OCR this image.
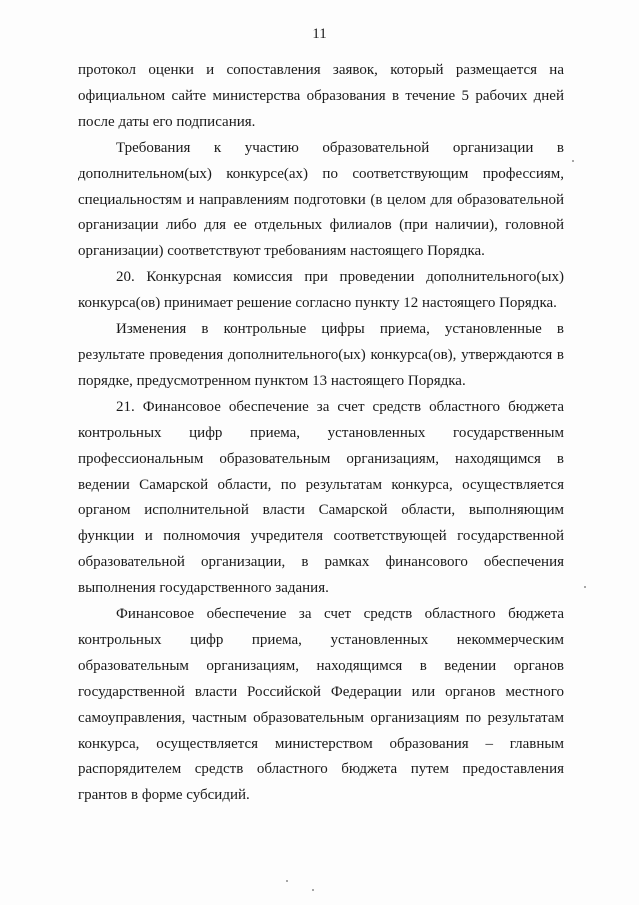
11

протокол оценки и сопоставления заявок, который размещается на официальном сайте министерства образования в течение 5 рабочих дней после даты его подписания.

Требования к участию образовательной организации в дополнительном(ых) конкурсе(ах) по соответствующим профессиям, специальностям и направлениям подготовки (в целом для образовательной организации либо для ее отдельных филиалов (при наличии), головной организации) соответствуют требованиям настоящего Порядка.

20. Конкурсная комиссия при проведении дополнительного(ых) конкурса(ов) принимает решение согласно пункту 12 настоящего Порядка.

Изменения в контрольные цифры приема, установленные в результате проведения дополнительного(ых) конкурса(ов), утверждаются в порядке, предусмотренном пунктом 13 настоящего Порядка.

21. Финансовое обеспечение за счет средств областного бюджета контрольных цифр приема, установленных государственным профессиональным образовательным организациям, находящимся в ведении Самарской области, по результатам конкурса, осуществляется органом исполнительной власти Самарской области, выполняющим функции и полномочия учредителя соответствующей государственной образовательной организации, в рамках финансового обеспечения выполнения государственного задания.

Финансовое обеспечение за счет средств областного бюджета контрольных цифр приема, установленных некоммерческим образовательным организациям, находящимся в ведении органов государственной власти Российской Федерации или органов местного самоуправления, частным образовательным организациям по результатам конкурса, осуществляется министерством образования – главным распорядителем средств областного бюджета путем предоставления грантов в форме субсидий.
